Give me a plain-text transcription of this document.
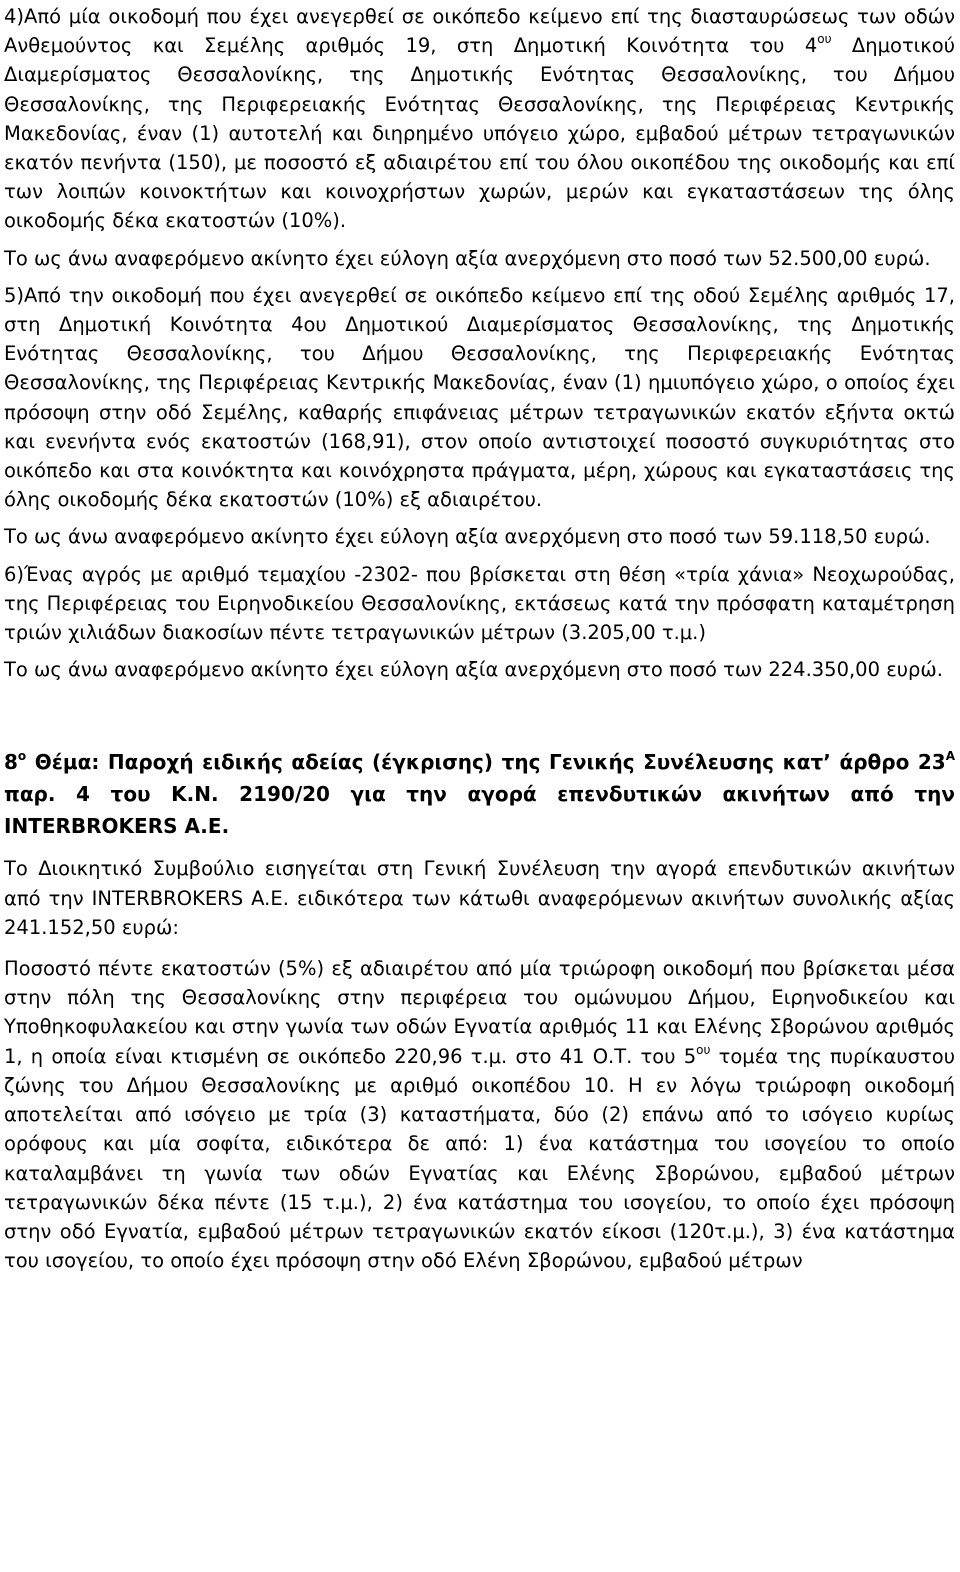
4)Από μία οικοδομή που έχει ανεγερθεί σε οικόπεδο κείμενο επί της διασταυρώσεως των οδών Ανθεμούντος και Σεμέλης αριθμός 19, στη Δημοτική Κοινότητα του $4^{o\upsilon}$ Δημοτικού Διαμερίσματος Θεσσαλονίκης, της Δημοτικής Ενότητας Θεσσαλονίκης, του Δήμου Θεσσαλονίκης, της Περιφερειακής Ενότητας Θεσσαλονίκης, της Περιφέρειας Κεντρικής Μακεδονίας, έναν (1) αυτοτελή και διηρημένο υπόγειο χώρο, εμβαδού μέτρων τετραγωνικών εκατόν πενήντα (150), με ποσοστό εξ αδιαιρέτου επί του όλου οικοπέδου της οικοδομής και επί των λοιπών κοινοκτήτων και κοινοχρήστων χωρών, μερών και εγκαταστάσεων της όλης οικοδομής δέκα εκατοστών (10%).

Το ως άνω αναφερόμενο ακίνητο έχει εύλογη αξία ανερχόμενη στο ποσό των 52.500,00 ευρώ.

5)Από την οικοδομή που έχει ανεγερθεί σε οικόπεδο κείμενο επί της οδού Σεμέλης αριθμός 17, στη Δημοτική Κοινότητα 4ου Δημοτικού Διαμερίσματος Θεσσαλονίκης, της Δημοτικής Ενότητας Θεσσαλονίκης, του Δήμου Θεσσαλονίκης, της Περιφερειακής Ενότητας Θεσσαλονίκης, της Περιφέρειας Κεντρικής Μακεδονίας, έναν (1) ημιυπόγειο χώρο, ο οποίος έχει πρόσοψη στην οδό Σεμέλης, καθαρής επιφάνειας μέτρων τετραγωνικών εκατόν εξήντα οκτώ και ενενήντα ενός εκατοστών (168,91), στον οποίο αντιστοιχεί ποσοστό συγκυριότητας στο οικόπεδο και στα κοινόκτητα και κοινόχρηστα πράγματα, μέρη, χώρους και εγκαταστάσεις της όλης οικοδομής δέκα εκατοστών (10%) εξ αδιαιρέτου.

Το ως άνω αναφερόμενο ακίνητο έχει εύλογη αξία ανερχόμενη στο ποσό των 59.118,50 ευρώ.

6)Ένας αγρός με αριθμό τεμαχίου -2302- που βρίσκεται στη θέση «τρία χάνια» Νεοχωρούδας, της Περιφέρειας του Ειρηνοδικείου Θεσσαλονίκης, εκτάσεως κατά την πρόσφατη καταμέτρηση τριών χιλιάδων διακοσίων πέντε τετραγωνικών μέτρων (3.205,00 τ.μ.)

Το ως άνω αναφερόμενο ακίνητο έχει εύλογη αξία ανερχόμενη στο ποσό των 224.350,00 ευρώ.

$8^o$ Θέμα: Παροχή ειδικής αδείας (έγκρισης) της Γενικής Συνέλευσης κατ’ άρθρο $23^A$ παρ. 4 του Κ.Ν. 2190/20 για την αγορά επενδυτικών ακινήτων από την INTERBROKERS A.E.

Το Διοικητικό Συμβούλιο εισηγείται στη Γενική Συνέλευση την αγορά επενδυτικών ακινήτων από την INTERBROKERS A.E. ειδικότερα των κάτωθι αναφερόμενων ακινήτων συνολικής αξίας 241.152,50 ευρώ:

Ποσοστό πέντε εκατοστών (5%) εξ αδιαιρέτου από μία τριώροφη οικοδομή που βρίσκεται μέσα στην πόλη της Θεσσαλονίκης στην περιφέρεια του ομώνυμου Δήμου, Ειρηνοδικείου και Υποθηκοφυλακείου και στην γωνία των οδών Εγνατία αριθμός 11 και Ελένης Σβορώνου αριθμός 1, η οποία είναι κτισμένη σε οικόπεδο 220,96 τ.μ. στο 41 Ο.Τ. του $5^{o\upsilon}$ τομέα της πυρίκαυστου ζώνης του Δήμου Θεσσαλονίκης με αριθμό οικοπέδου 10. Η εν λόγω τριώροφη οικοδομή αποτελείται από ισόγειο με τρία (3) καταστήματα, δύο (2) επάνω από το ισόγειο κυρίως ορόφους και μία σοφίτα, ειδικότερα δε από: 1) ένα κατάστημα του ισογείου το οποίο καταλαμβάνει τη γωνία των οδών Εγνατίας και Ελένης Σβορώνου, εμβαδού μέτρων τετραγωνικών δέκα πέντε (15 τ.μ.), 2) ένα κατάστημα του ισογείου, το οποίο έχει πρόσοψη στην οδό Εγνατία, εμβαδού μέτρων τετραγωνικών εκατόν είκοσι (120τ.μ.), 3) ένα κατάστημα του ισογείου, το οποίο έχει πρόσοψη στην οδό Ελένη Σβορώνου, εμβαδού μέτρων
